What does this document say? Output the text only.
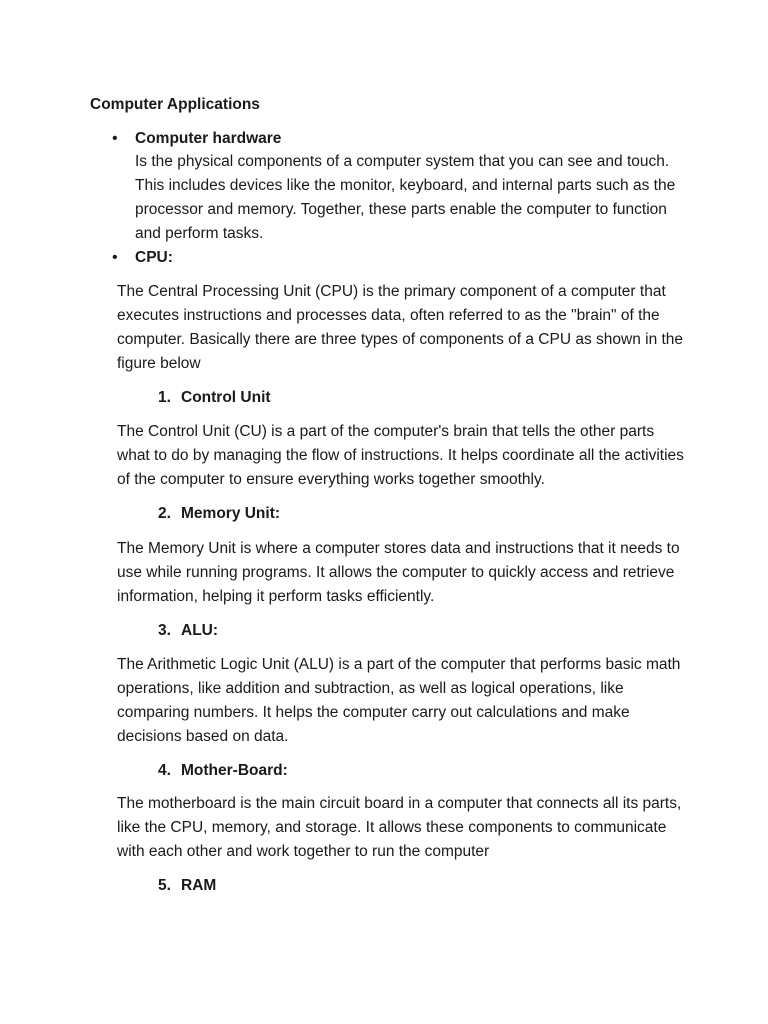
Computer Applications
• Computer hardware
Is the physical components of a computer system that you can see and touch. This includes devices like the monitor, keyboard, and internal parts such as the processor and memory. Together, these parts enable the computer to function and perform tasks.
• CPU:
The Central Processing Unit (CPU) is the primary component of a computer that executes instructions and processes data, often referred to as the "brain" of the computer. Basically there are three types of components of a CPU as shown in the figure below
1. Control Unit
The Control Unit (CU) is a part of the computer's brain that tells the other parts what to do by managing the flow of instructions. It helps coordinate all the activities of the computer to ensure everything works together smoothly.
2. Memory Unit:
The Memory Unit is where a computer stores data and instructions that it needs to use while running programs. It allows the computer to quickly access and retrieve information, helping it perform tasks efficiently.
3. ALU:
The Arithmetic Logic Unit (ALU) is a part of the computer that performs basic math operations, like addition and subtraction, as well as logical operations, like comparing numbers. It helps the computer carry out calculations and make decisions based on data.
4. Mother-Board:
The motherboard is the main circuit board in a computer that connects all its parts, like the CPU, memory, and storage. It allows these components to communicate with each other and work together to run the computer
5. RAM
